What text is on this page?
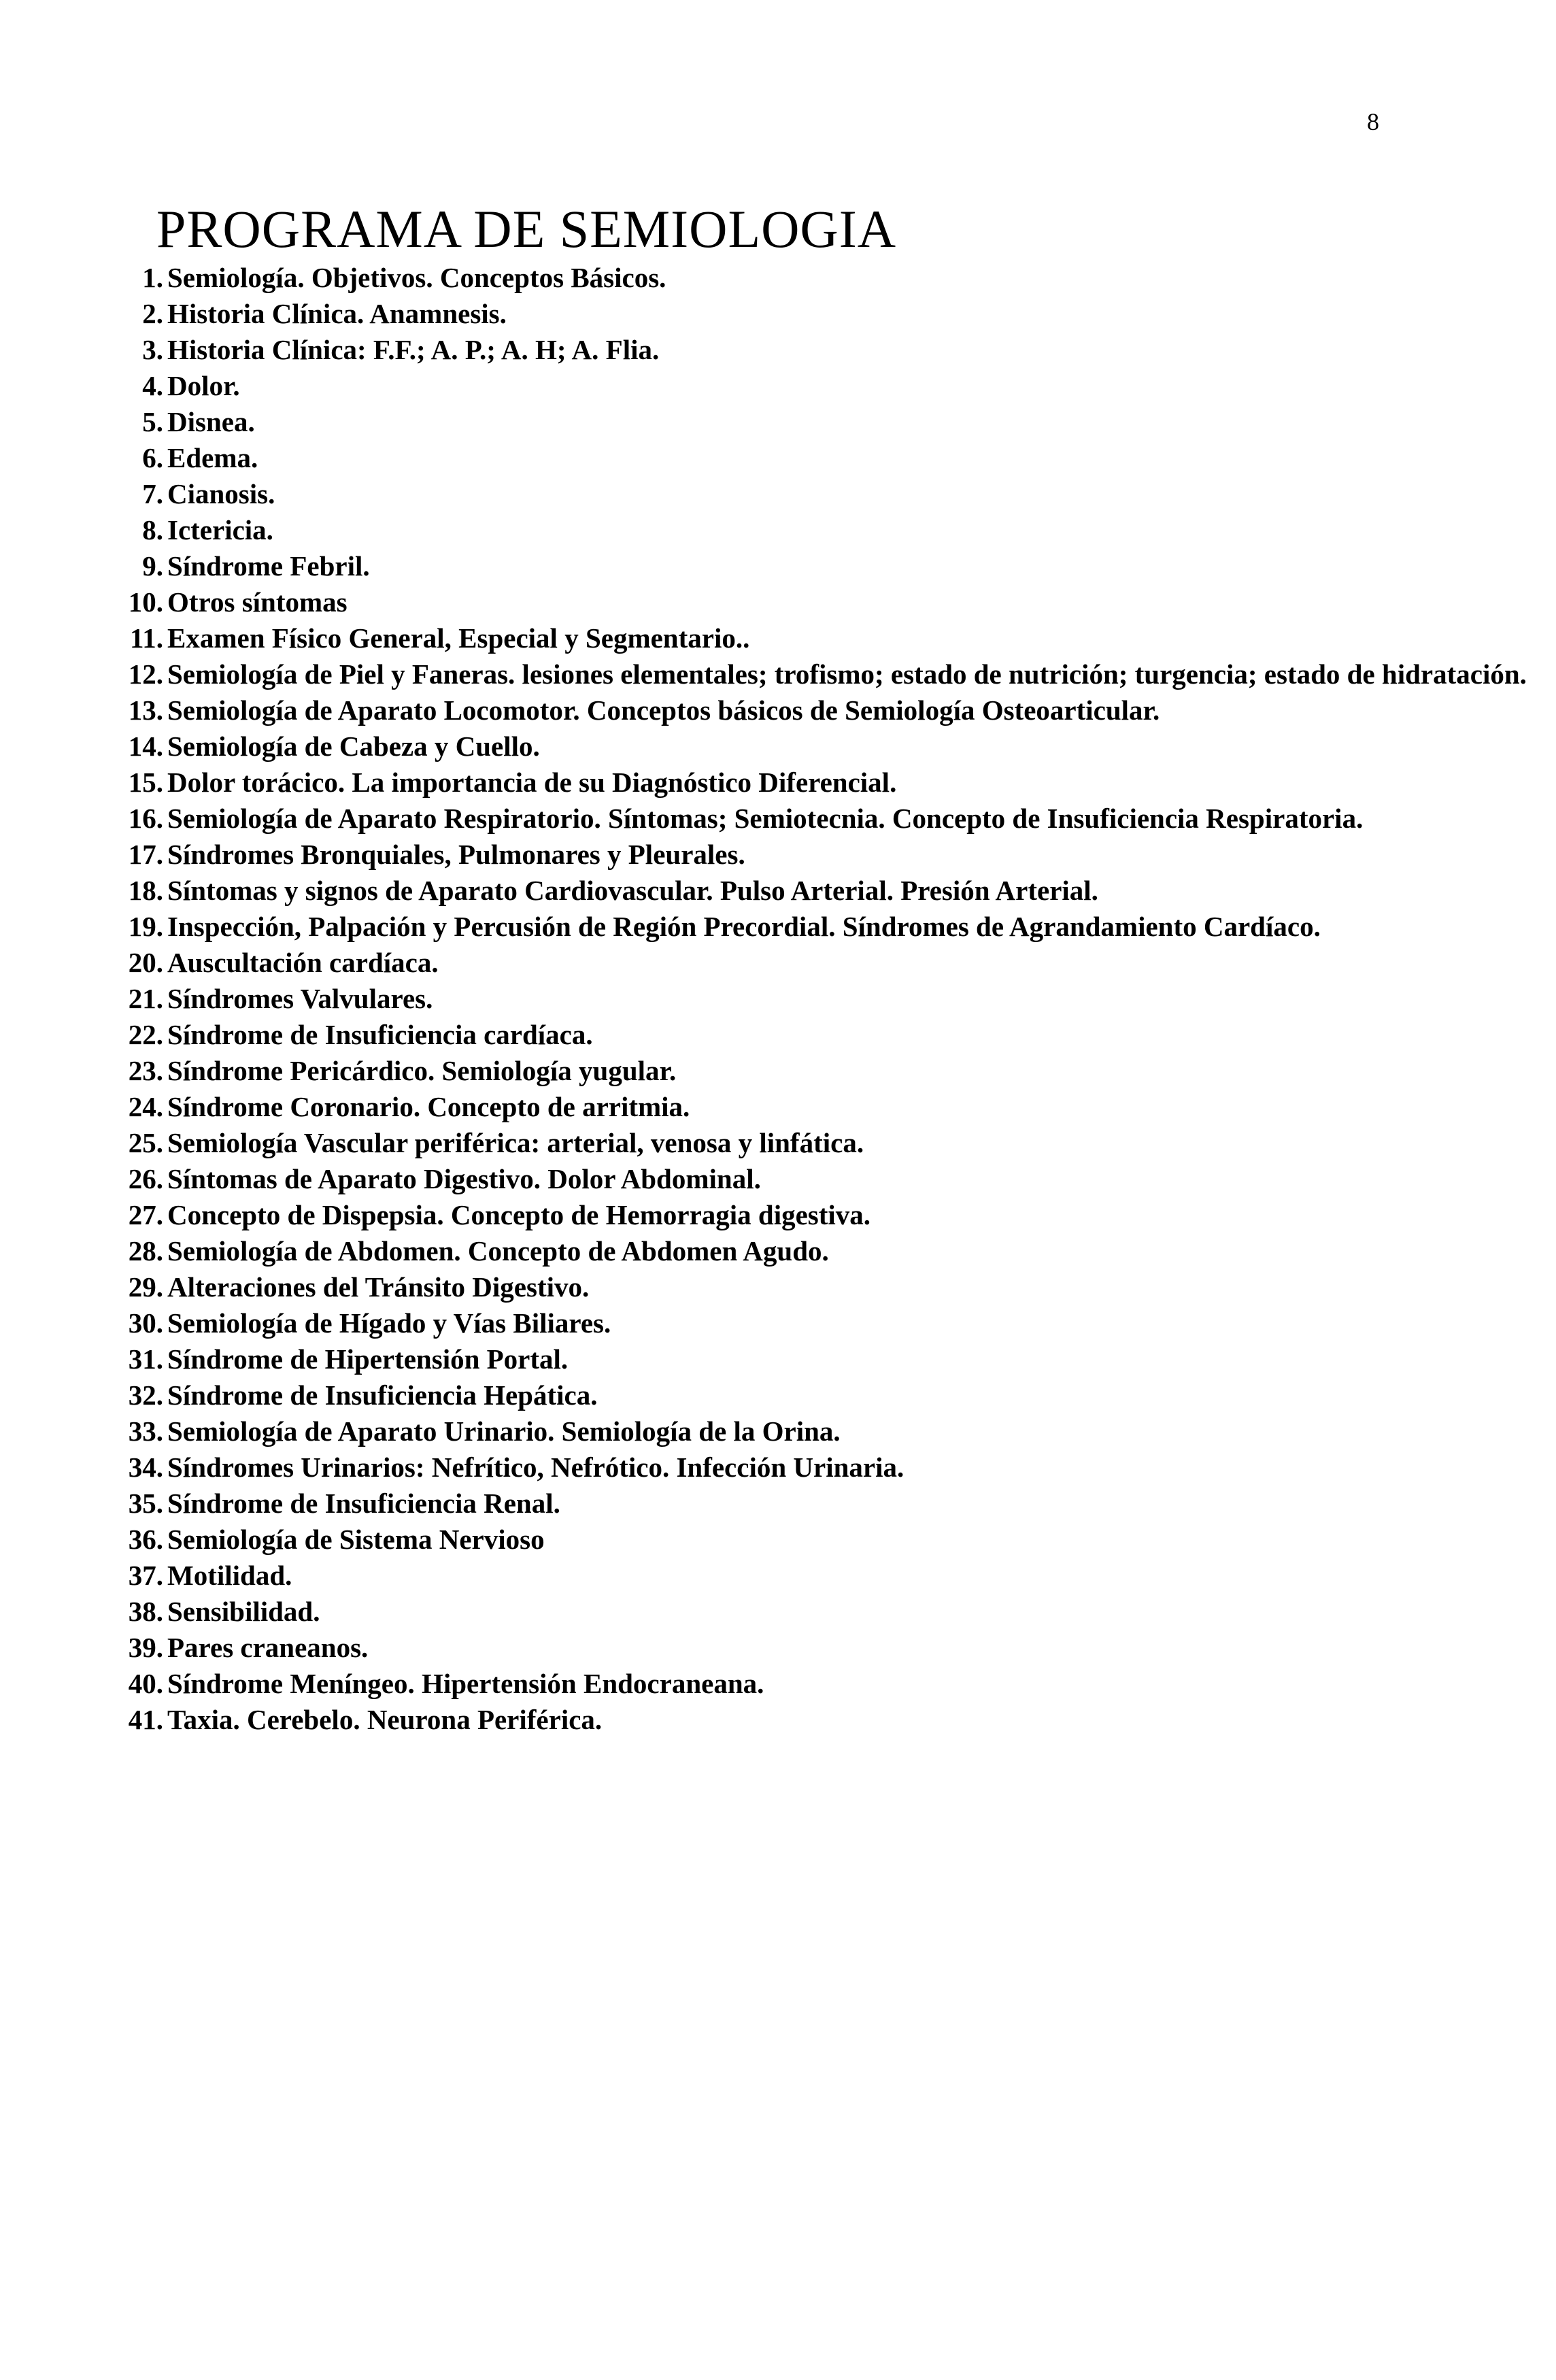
8
PROGRAMA DE SEMIOLOGIA
1. Semiología. Objetivos. Conceptos Básicos.
2. Historia Clínica. Anamnesis.
3. Historia Clínica: F.F.; A. P.; A. H; A. Flia.
4. Dolor.
5. Disnea.
6. Edema.
7. Cianosis.
8. Ictericia.
9. Síndrome Febril.
10. Otros síntomas
11. Examen Físico General, Especial y Segmentario..
12. Semiología de Piel y Faneras. lesiones elementales; trofismo; estado de nutrición; turgencia; estado de hidratación.
13. Semiología de Aparato Locomotor. Conceptos básicos de Semiología Osteoarticular.
14. Semiología de Cabeza y Cuello.
15. Dolor torácico. La importancia de su Diagnóstico Diferencial.
16. Semiología de Aparato Respiratorio. Síntomas; Semiotecnia. Concepto de Insuficiencia Respiratoria.
17. Síndromes Bronquiales, Pulmonares y Pleurales.
18. Síntomas y signos de Aparato Cardiovascular. Pulso Arterial. Presión Arterial.
19. Inspección, Palpación y Percusión de Región Precordial. Síndromes de Agrandamiento Cardíaco.
20. Auscultación cardíaca.
21. Síndromes Valvulares.
22. Síndrome de Insuficiencia cardíaca.
23. Síndrome Pericárdico. Semiología yugular.
24. Síndrome Coronario. Concepto de arritmia.
25. Semiología Vascular periférica: arterial, venosa y linfática.
26. Síntomas de Aparato Digestivo. Dolor Abdominal.
27. Concepto de Dispepsia. Concepto de Hemorragia digestiva.
28. Semiología de Abdomen. Concepto de Abdomen Agudo.
29. Alteraciones del Tránsito Digestivo.
30. Semiología de Hígado y Vías Biliares.
31. Síndrome de Hipertensión Portal.
32. Síndrome de Insuficiencia Hepática.
33. Semiología de Aparato Urinario. Semiología de la Orina.
34. Síndromes Urinarios: Nefrítico, Nefrótico. Infección Urinaria.
35. Síndrome de Insuficiencia Renal.
36. Semiología de Sistema Nervioso
37. Motilidad.
38. Sensibilidad.
39. Pares craneanos.
40. Síndrome Meníngeo. Hipertensión Endocraneana.
41. Taxia. Cerebelo. Neurona Periférica.
